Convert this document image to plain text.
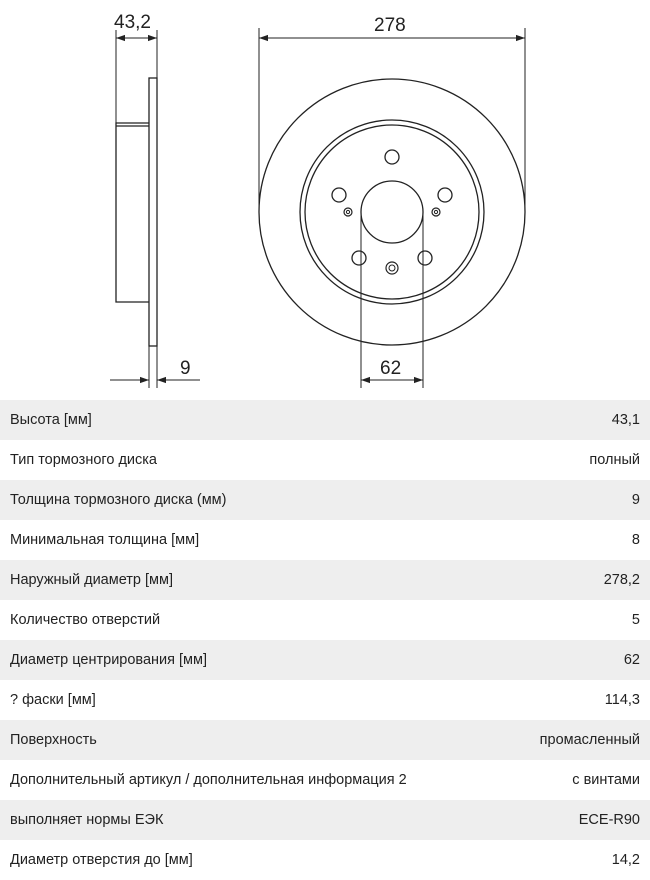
43,2
9
278
62
Высота [мм]	43,1
Тип тормозного диска	полный
Толщина тормозного диска (мм)	9
Минимальная толщина [мм]	8
Наружный диаметр [мм]	278,2
Количество отверстий	5
Диаметр центрирования [мм]	62
? фаски [мм]	114,3
Поверхность	промасленный
Дополнительный артикул / дополнительная информация 2	с винтами
выполняет нормы ЕЭК	ECE-R90
Диаметр отверстия до [мм]	14,2
